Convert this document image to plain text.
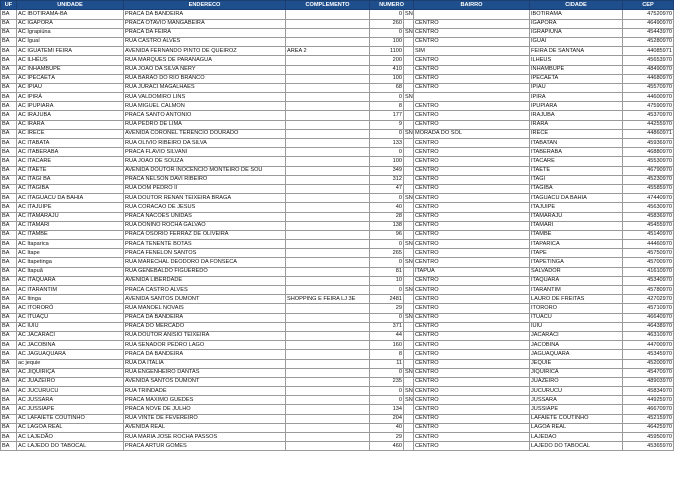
UF	UNIDADE	ENDERECO	COMPLEMENTO	NUMERO		BAIRRO	CIDADE	CEP
BA	AC IBOTIRAMA-BA	PRACA DA BANDEIRA		0	SN		IBOTIRAMA	47520970
BA	AC IGAPORÃ	PRACA OTAVIO MANGABEIRA		260		CENTRO	IGAPORA	46490970
BA	AC Igrapiúna	PRACA DA FEIRA		0	SN	CENTRO	IGRAPIUNA	45443970
BA	AC Iguaí	RUA CASTRO ALVES		100		CENTRO	IGUAI	45280970
BA	AC IGUATEMI FEIRA	AVENIDA FERNANDO PINTO DE QUEIROZ	AREA 2	1100		SIM	FEIRA DE SANTANA	44085971
BA	AC ILHÉUS	RUA MARQUES DE PARANAGUA		200		CENTRO	ILHEUS	45653970
BA	AC INHAMBUPE	RUA JOAO DA SILVA NERY		410		CENTRO	INHAMBUPE	48490970
BA	AC IPECAETÁ	RUA BARAO DO RIO BRANCO		100		CENTRO	IPECAETA	44680970
BA	AC IPIAÚ	RUA JURACI MAGALHAES		68		CENTRO	IPIAU	45570970
BA	AC IPIRÁ	RUA VALDOMIRO LINS		0	SN		IPIRA	44600970
BA	AC IPUPIARA	RUA MIGUEL CALMON		8		CENTRO	IPUPIARA	47590970
BA	AC IRAJUBA	PRACA SANTO ANTONIO		177		CENTRO	IRAJUBA	45370970
BA	AC IRARA	RUA PEDRO DE LIMA		9		CENTRO	IRARA	44255970
BA	AC IRECÊ	AVENIDA CORONEL TERENCIO DOURADO		0	SN	MORADA DO SOL	IRECE	44860971
BA	AC ITABATA	RUA OLIVIO RIBEIRO DA SILVA		133		CENTRO	ITABATAN	45936970
BA	AC ITABERABA	PRACA FLAVIO SILVANI		0		CENTRO	ITABERABA	46880970
BA	AC ITACARE	RUA JOAO DE SOUZA		100		CENTRO	ITACARE	45530970
BA	AC ITAETÉ	AVENIDA DOUTOR INOCENCIO MONTEIRO DE SOU		349		CENTRO	ITAETE	46790970
BA	AC ITAGI BA	PRACA NELSON DAVI RIBEIRO		312		CENTRO	ITAGI	45230970
BA	AC ITAGIBÁ	RUA DOM PEDRO II		47		CENTRO	ITAGIBA	45585970
BA	AC ITAGUACU DA BAHIA	RUA DOUTOR RENAN TEIXEIRA BRAGA		0	SN	CENTRO	ITAGUACU DA BAHIA	47440970
BA	AC ITAJUIPE	RUA CORACAO DE JESUS		40		CENTRO	ITAJUIPE	45630970
BA	AC ITAMARAJU	PRACA NACOES UNIDAS		28		CENTRO	ITAMARAJU	45836970
BA	AC ITAMARI	RUA DONINO ROCHA GALVAO		138		CENTRO	ITAMARI	45455970
BA	AC ITAMBE	PRACA OSORIO FERRAZ DE OLIVEIRA		96		CENTRO	ITAMBE	45140970
BA	AC Itaparica	PRACA TENENTE BOTAS		0	SN	CENTRO	ITAPARICA	44460970
BA	AC Itape	PRACA FENELON SANTOS		265		CENTRO	ITAPE	45750970
BA	AC Itapetinga	RUA MARECHAL DEODORO DA FONSECA		0	SN	CENTRO	ITAPETINGA	45700970
BA	AC Itapuã	RUA GENEBALDO FIGUEREDO		81		ITAPUA	SALVADOR	41610970
BA	AC ITAQUARA	AVENIDA LIBERDADE		10		CENTRO	ITAQUARA	45340970
BA	AC ITARANTIM	PRACA CASTRO ALVES		0	SN	CENTRO	ITARANTIM	45780970
BA	AC Itinga	AVENIDA SANTOS DUMONT	SHOPPING E FEIRA LJ 3E	2481		CENTRO	LAURO DE FREITAS	42702970
BA	AC ITORORÓ	RUA MANOEL NOVAIS		29		CENTRO	ITORORO	45710970
BA	AC ITUAÇU	PRACA DA BANDEIRA		0	SN	CENTRO	ITUACU	46640970
BA	AC IUIU	PRACA DO MERCADO		371		CENTRO	IUIU	46438970
BA	AC JACARACI	RUA DOUTOR ANISIO TEIXEIRA		44		CENTRO	JACARACI	46310970
BA	AC JACOBINA	RUA SENADOR PEDRO LAGO		160		CENTRO	JACOBINA	44700970
BA	AC JAGUAQUARA	PRACA DA BANDEIRA		8		CENTRO	JAGUAQUARA	45345970
BA	ac jequie	RUA DA ITALIA		11		CENTRO	JEQUIE	45200970
BA	AC JIQUIRIÇÁ	RUA ENGENHEIRO DANTAS		0	SN	CENTRO	JIQUIRICA	45470970
BA	AC JUAZEIRO	AVENIDA SANTOS DUMONT		235		CENTRO	JUAZEIRO	48903970
BA	AC JUCURUCU	RUA TRINDADE		0	SN	CENTRO	JUCURUCU	45834970
BA	AC JUSSARA	PRACA MAXIMO GUEDES		0	SN	CENTRO	JUSSARA	44925970
BA	AC JUSSIAPE	PRACA NOVE DE JULHO		134		CENTRO	JUSSIAPE	46670970
BA	AC LAFAIETE COUTINHO	RUA VINTE DE FEVEREIRO		204		CENTRO	LAFAIETE COUTINHO	45215970
BA	AC LAGOA REAL	AVENIDA REAL		40		CENTRO	LAGOA REAL	46425970
BA	AC LAJEDÃO	RUA MARIA JOSE ROCHA PASSOS		29		CENTRO	LAJEDAO	45950970
BA	AC LAJEDO DO TABOCAL	PRACA ARTUR GOMES		460		CENTRO	LAJEDO DO TABOCAL	45365970
